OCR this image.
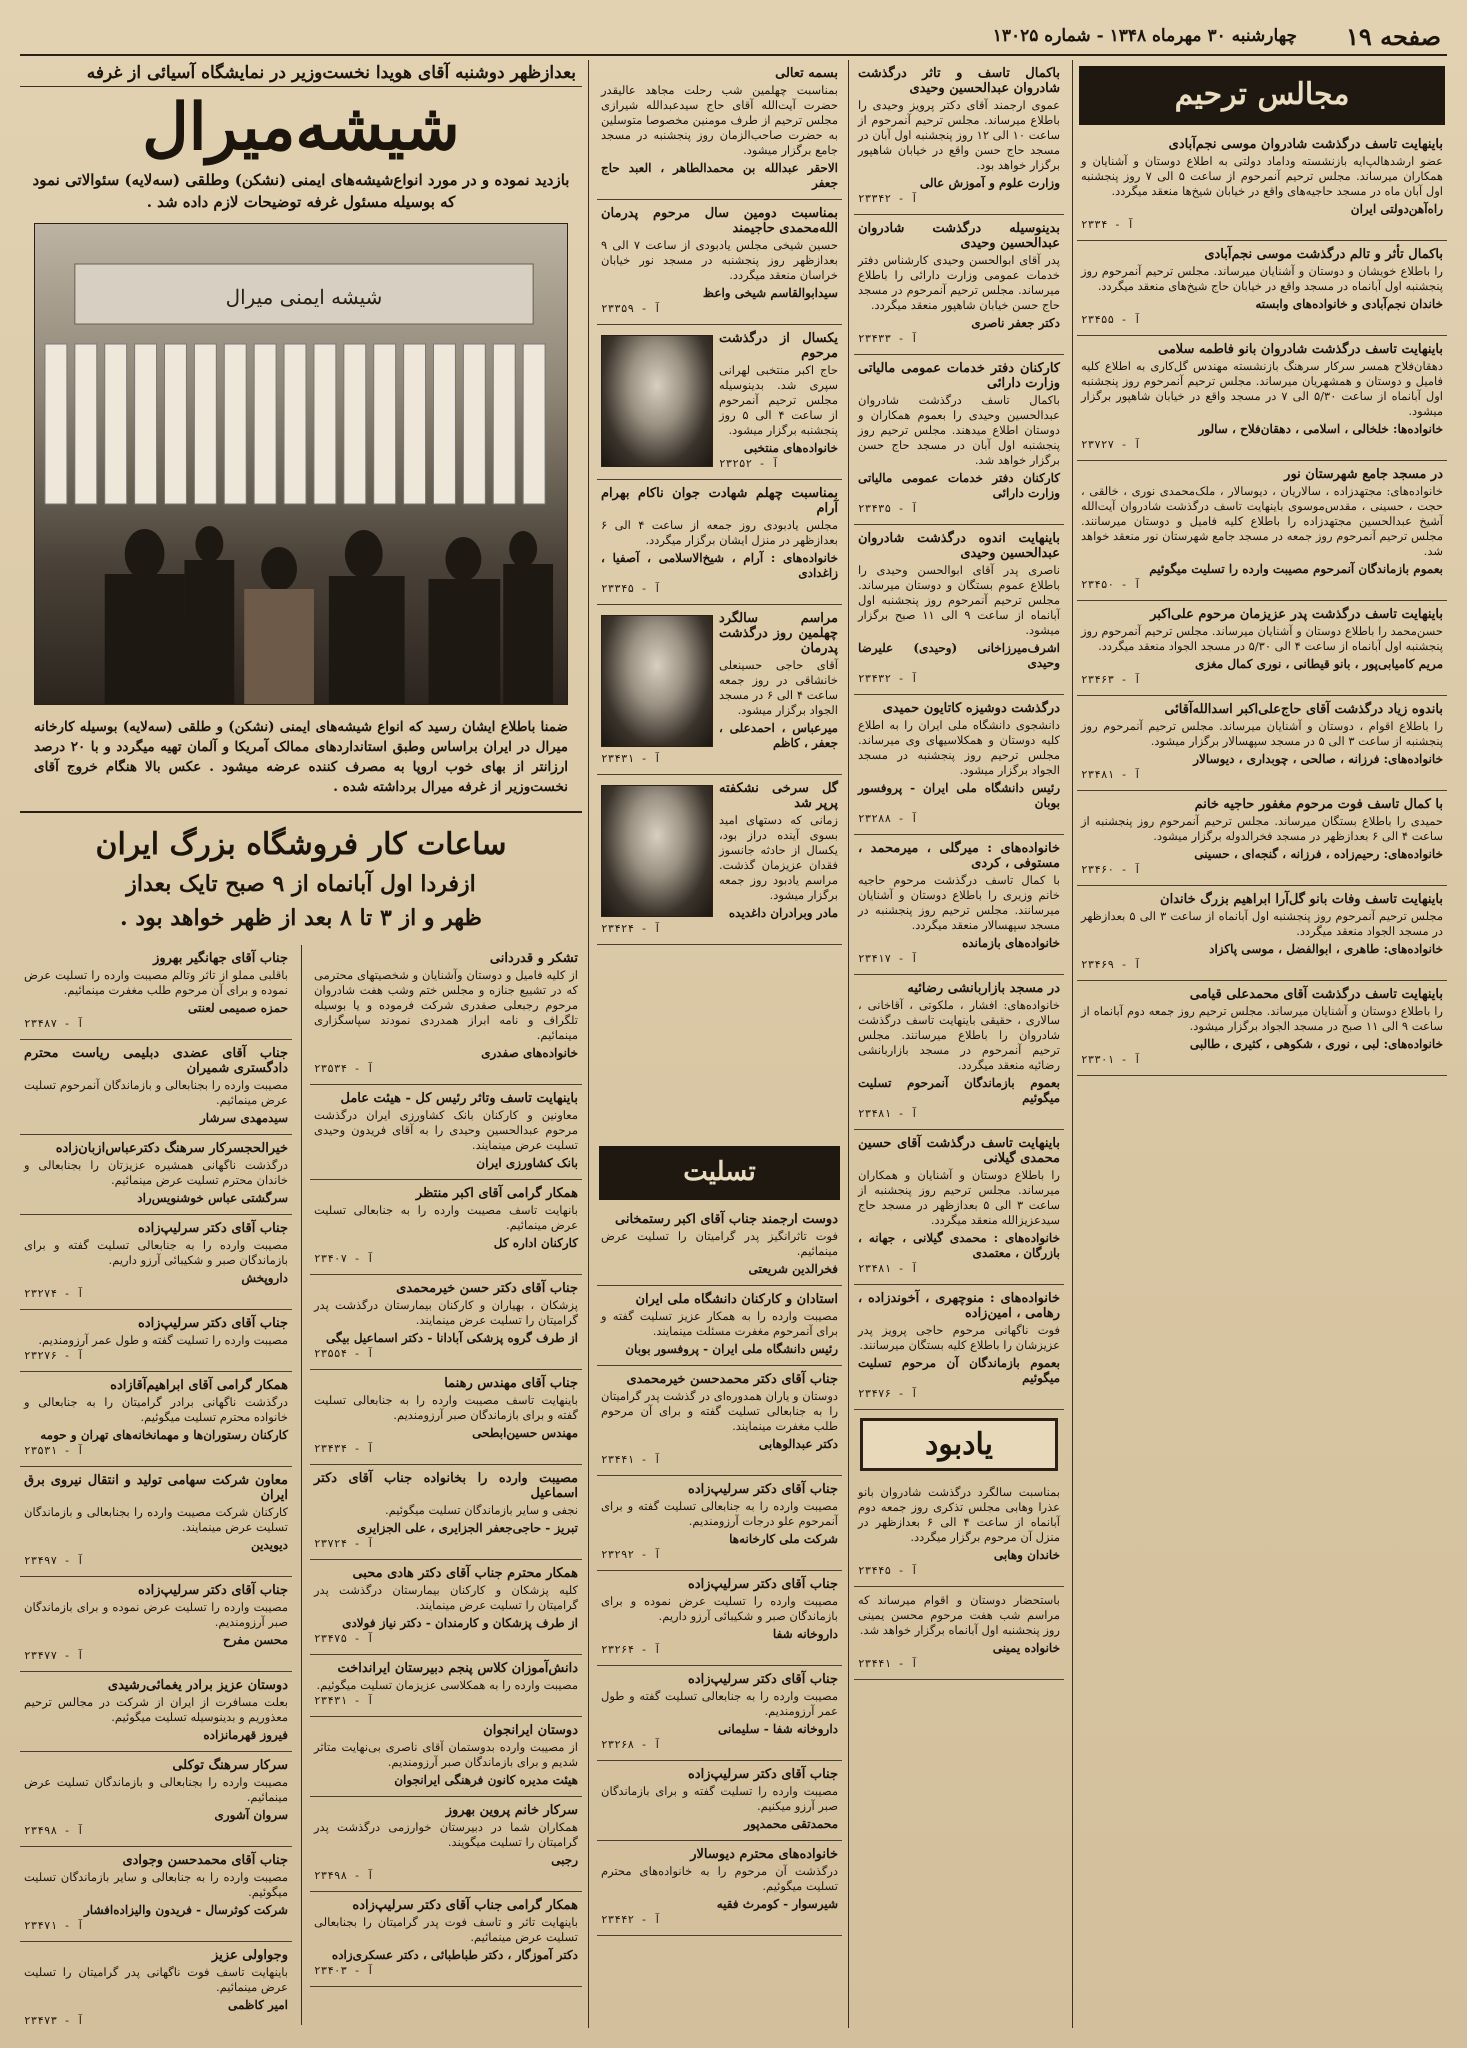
صفحه ۱۹
چهارشنبه ۳۰ مهرماه ۱۳۴۸ - شماره ۱۳۰۲۵
مجالس ترحیم
باینهایت تاسف درگذشت شادروان موسی نجم‌آبادی
عضو ارشدهالپ‌ایه بازنشسته وداماد دولتی به اطلاع دوستان و آشنایان و همکاران میرساند. مجلس ترحیم آنمرحوم از ساعت ۵ الی ۷ روز پنجشنبه اول آبان ماه در مسجد حاجیه‌های واقع در خیابان شیخ‌ها منعقد میگردد.
راه‌آهن‌دولتی ایران
۲۳۳۴ - آ
باکمال تأثر و تالم درگذشت موسی نجم‌آبادی
را باطلاع خویشان و دوستان و آشنایان میرساند. مجلس ترحیم آنمرحوم روز پنجشنبه اول آبانماه در مسجد واقع در خیابان حاج شیخ‌های منعقد میگردد.
خاندان نجم‌آبادی و خانواده‌های وابسته
۲۳۴۵۵ - آ
باینهایت تاسف درگذشت شادروان بانو فاطمه سلامی
دهقان‌فلاح همسر سرکار سرهنگ بازنشسته مهندس گل‌کاری به اطلاع کلیه فامیل و دوستان و همشهریان میرساند. مجلس ترحیم آنمرحوم روز پنجشنبه اول آبانماه از ساعت ۵/۳۰ الی ۷ در مسجد واقع در خیابان شاهپور برگزار میشود.
خانواده‌ها: خلخالی ، اسلامی ، دهقان‌فلاح ، سالور
۲۳۷۲۷ - آ
در مسجد جامع شهرستان نور
خانواده‌های: مجتهدزاده ، سالاریان ، دیوسالار ، ملک‌محمدی نوری ، خالقی ، حجت ، حسینی ، مقدس‌موسوی باینهایت تاسف درگذشت شادروان آیت‌الله آشیخ عبدالحسین مجتهدزاده را باطلاع کلیه فامیل و دوستان میرسانند. مجلس ترحیم آنمرحوم روز جمعه در مسجد جامع شهرستان نور منعقد خواهد شد.
بعموم بازماندگان آنمرحوم مصیبت وارده را تسلیت میگوئیم
۲۳۴۵۰ - آ
باینهایت تاسف درگذشت پدر عزیزمان مرحوم علی‌اکبر
حسن‌محمد را باطلاع دوستان و آشنایان میرساند. مجلس ترحیم آنمرحوم روز پنجشنبه اول آبانماه از ساعت ۴ الی ۵/۳۰ در مسجد الجواد منعقد میگردد.
مریم کامیابی‌پور ، بانو قیطانی ، نوری کمال مغزی
۲۳۴۶۳ - آ
باندوه زیاد درگذشت آقای حاج‌علی‌اکبر اسدالله‌آقائی
را باطلاع اقوام ، دوستان و آشنایان میرساند. مجلس ترحیم آنمرحوم روز پنجشنبه از ساعت ۳ الی ۵ در مسجد سپهسالار برگزار میشود.
خانواده‌های: فرزانه ، صالحی ، چوبداری ، دیوسالار
۲۳۴۸۱ - آ
با کمال تاسف فوت مرحوم مغفور حاجیه خانم
حمیدی را باطلاع بستگان میرساند. مجلس ترحیم آنمرحوم روز پنجشنبه از ساعت ۴ الی ۶ بعدازظهر در مسجد فخرالدوله برگزار میشود.
خانواده‌های: رحیم‌زاده ، فرزانه ، گنجه‌ای ، حسینی
۲۳۴۶۰ - آ
باینهایت تاسف وفات بانو گل‌آرا ابراهیم بزرگ خاندان
مجلس ترحیم آنمرحوم روز پنجشنبه اول آبانماه از ساعت ۳ الی ۵ بعدازظهر در مسجد الجواد منعقد میگردد.
خانواده‌های: طاهری ، ابوالفضل ، موسی پاکزاد
۲۳۴۶۹ - آ
باینهایت تاسف درگذشت آقای محمدعلی قیامی
را باطلاع دوستان و آشنایان میرساند. مجلس ترحیم روز جمعه دوم آبانماه از ساعت ۹ الی ۱۱ صبح در مسجد الجواد برگزار میشود.
خانواده‌های: لبی ، نوری ، شکوهی ، کثیری ، طالبی
۲۳۳۰۱ - آ
باکمال تاسف و تاثر درگذشت شادروان عبدالحسین وحیدی
عموی ارجمند آقای دکتر پرویز وحیدی را باطلاع میرساند. مجلس ترحیم آنمرحوم از ساعت ۱۰ الی ۱۲ روز پنجشنبه اول آبان در مسجد حاج حسن واقع در خیابان شاهپور برگزار خواهد بود.
وزارت علوم و آموزش عالی
۲۳۳۴۲ - آ
بدینوسیله درگذشت شادروان عبدالحسین وحیدی
پدر آقای ابوالحسن وحیدی کارشناس دفتر خدمات عمومی وزارت دارائی را باطلاع میرساند. مجلس ترحیم آنمرحوم در مسجد حاج حسن خیابان شاهپور منعقد میگردد.
دکتر جعفر ناصری
۲۳۴۳۳ - آ
کارکنان دفتر خدمات عمومی مالیاتی وزارت دارائی
باکمال تاسف درگذشت شادروان عبدالحسین وحیدی را بعموم همکاران و دوستان اطلاع میدهند. مجلس ترحیم روز پنجشنبه اول آبان در مسجد حاج حسن برگزار خواهد شد.
کارکنان دفتر خدمات عمومی مالیاتی وزارت دارائی
۲۳۴۳۵ - آ
باینهایت اندوه درگذشت شادروان عبدالحسین وحیدی
ناصری پدر آقای ابوالحسن وحیدی را باطلاع عموم بستگان و دوستان میرساند. مجلس ترحیم آنمرحوم روز پنجشنبه اول آبانماه از ساعت ۹ الی ۱۱ صبح برگزار میشود.
اشرف‌میرزاخانی (وحیدی) علیرضا وحیدی
۲۳۴۳۲ - آ
درگذشت دوشیزه کاتایون حمیدی
دانشجوی دانشگاه ملی ایران را به اطلاع کلیه دوستان و همکلاسیهای وی میرساند. مجلس ترحیم روز پنجشنبه در مسجد الجواد برگزار میشود.
رئیس دانشگاه ملی ایران - پروفسور بوبان
۲۳۲۸۸ - آ
خانواده‌های : میرگلی ، میرمحمد ، مستوفی ، کردی
با کمال تاسف درگذشت مرحوم حاجیه خانم وزیری را باطلاع دوستان و آشنایان میرسانند. مجلس ترحیم روز پنجشنبه در مسجد سپهسالار منعقد میگردد.
خانواده‌های بازمانده
۲۳۴۱۷ - آ
در مسجد بازاربانشی رضائیه
خانواده‌های: افشار ، ملکوتی ، آقاخانی ، سالاری ، حقیقی باینهایت تاسف درگذشت شادروان را باطلاع میرسانند. مجلس ترحیم آنمرحوم در مسجد بازاربانشی رضائیه منعقد میگردد.
بعموم بازماندگان آنمرحوم تسلیت میگوئیم
۲۳۴۸۱ - آ
باینهایت تاسف درگذشت آقای حسین محمدی گیلانی
را باطلاع دوستان و آشنایان و همکاران میرساند. مجلس ترحیم روز پنجشنبه از ساعت ۳ الی ۵ بعدازظهر در مسجد حاج سیدعزیزالله منعقد میگردد.
خانواده‌های : محمدی گیلانی ، جهانه ، بازرگان ، معتمدی
۲۳۴۸۱ - آ
خانواده‌های : منوچهری ، آخوندزاده ، رهامی ، امین‌زاده
فوت ناگهانی مرحوم حاجی پرویز پدر عزیزشان را باطلاع کلیه بستگان میرسانند.
بعموم بازماندگان آن مرحوم تسلیت میگوئیم
۲۳۴۷۶ - آ
یادبود
بمناسبت سالگرد درگذشت شادروان بانو عذرا وهابی مجلس تذکری روز جمعه دوم آبانماه از ساعت ۴ الی ۶ بعدازظهر در منزل آن مرحوم برگزار میگردد.
خاندان وهابی
۲۳۴۴۵ - آ
باستحضار دوستان و اقوام میرساند که مراسم شب هفت مرحوم محسن یمینی روز پنجشنبه اول آبانماه برگزار خواهد شد.
خانواده یمینی
۲۳۴۴۱ - آ
بسمه تعالی
بمناسبت چهلمین شب رحلت مجاهد عالیقدر حضرت آیت‌الله آقای حاج سیدعبدالله شیرازی مجلس ترحیم از طرف مومنین مخصوصا متوسلین به حضرت صاحب‌الزمان روز پنجشنبه در مسجد جامع برگزار میشود.
الاحقر عبدالله بن محمدالطاهر ، العبد حاج جعفر
بمناسبت دومین سال مرحوم پدرمان الله‌محمدی حاجیمند
حسین شیخی مجلس یادبودی از ساعت ۷ الی ۹ بعدازظهر روز پنجشنبه در مسجد نور خیابان خراسان منعقد میگردد.
سیدابوالقاسم شیخی واعظ
۲۳۳۵۹ - آ
یکسال از درگذشت مرحوم
حاج اکبر منتخبی لهرانی سپری شد. بدینوسیله مجلس ترحیم آنمرحوم از ساعت ۴ الی ۵ روز پنجشنبه برگزار میشود.
خانواده‌های منتخبی
۲۳۲۵۲ - آ
بمناسبت چهلم شهادت جوان ناکام بهرام آرام
مجلس یادبودی روز جمعه از ساعت ۴ الی ۶ بعدازظهر در منزل ایشان برگزار میگردد.
خانواده‌های : آرام ، شیخ‌الاسلامی ، آصفیا ، زاغدادی
۲۳۳۴۵ - آ
مراسم سالگرد چهلمین روز درگذشت پدرمان
آقای حاجی حسینعلی خانشاقی در روز جمعه ساعت ۴ الی ۶ در مسجد الجواد برگزار میشود.
میرعباس ، احمدعلی ، جعفر ، کاظم
۲۳۴۳۱ - آ
گل سرخی نشکفته پرپر شد
زمانی که دستهای امید بسوی آینده دراز بود، یکسال از حادثه جانسوز فقدان عزیزمان گذشت. مراسم یادبود روز جمعه برگزار میشود.
مادر وبرادران داغدیده
۲۳۴۲۴ - آ
تسلیت
دوست ارجمند جناب آقای اکبر رستمخانی
فوت تاثرانگیز پدر گرامیتان را تسلیت عرض مینمائیم.
فخرالدین شریعتی
استادان و کارکنان دانشگاه ملی ایران
مصیبت وارده را به همکار عزیز تسلیت گفته و برای آنمرحوم مغفرت مسئلت مینمایند.
رئیس دانشگاه ملی ایران - پروفسور بوبان
جناب آقای دکتر محمدحسن خیرمحمدی
دوستان و یاران همدوره‌ای در گذشت پدر گرامیتان را به جنابعالی تسلیت گفته و برای آن مرحوم طلب مغفرت مینمایند.
دکتر عبدالوهابی
۲۳۴۴۱ - آ
جناب آقای دکتر سرلیپ‌زاده
مصیبت وارده را به جنابعالی تسلیت گفته و برای آنمرحوم علو درجات آرزومندیم.
شرکت ملی کارخانه‌ها
۲۳۲۹۲ - آ
جناب آقای دکتر سرلیپ‌زاده
مصیبت وارده را تسلیت عرض نموده و برای بازماندگان صبر و شکیبائی آرزو داریم.
داروخانه شفا
۲۳۲۶۴ - آ
جناب آقای دکتر سرلیپ‌زاده
مصیبت وارده را به جنابعالی تسلیت گفته و طول عمر آرزومندیم.
داروخانه شفا - سلیمانی
۲۳۲۶۸ - آ
جناب آقای دکتر سرلیپ‌زاده
مصیبت وارده را تسلیت گفته و برای بازماندگان صبر آرزو میکنیم.
محمدتقی محمدپور
خانواده‌های محترم دیوسالار
درگذشت آن مرحوم را به خانواده‌های محترم تسلیت میگوئیم.
شیرسوار - کومرث فقیه
۲۳۴۴۲ - آ
بعدازظهر دوشنبه آقای هویدا نخست‌وزیر در نمایشگاه آسیائی از غرفه
شیشه‌میرال
بازدید نموده و در مورد انواع‌شیشه‌های ایمنی (نشکن) وطلقی (سه‌لایه) سئوالاتی نمود که بوسیله مسئول غرفه توضیحات لازم داده شد .
شیشه ایمنی میرال
ضمنا باطلاع ایشان رسید که انواع شیشه‌های ایمنی (نشکن) و طلقی (سه‌لایه) بوسیله کارخانه میرال در ایران براساس وطبق استانداردهای ممالک آمریکا و آلمان تهیه میگردد و با ۲۰ درصد ارزانتر از بهای خوب اروپا به مصرف کننده عرضه میشود . عکس بالا هنگام خروج آقای نخست‌وزیر از غرفه میرال برداشته شده .
ساعات کار فروشگاه بزرگ ایران
ازفردا اول آبانماه از ۹ صبح تایک بعداز
ظهر و از ۳ تا ۸ بعد از ظهر خواهد بود .
تشکر و قدردانی
از کلیه فامیل و دوستان وآشنایان و شخصیتهای محترمی که در تشییع جنازه و مجلس ختم وشب هفت شادروان مرحوم رجبعلی صفدری شرکت فرموده و یا بوسیله تلگراف و نامه ابراز همدردی نمودند سپاسگزاری مینمائیم.
خانواده‌های صفدری
۲۳۵۳۴ - آ
باینهایت تاسف وتاثر رئیس کل - هیئت عامل
معاونین و کارکنان بانک کشاورزی ایران درگذشت مرحوم عبدالحسین وحیدی را به آقای فریدون وحیدی تسلیت عرض مینمایند.
بانک کشاورزی ایران
همکار گرامی آقای اکبر منتظر
بانهایت تاسف مصیبت وارده را به جنابعالی تسلیت عرض مینمائیم.
کارکنان اداره کل
۲۳۴۰۷ - آ
جناب آقای دکتر حسن خیرمحمدی
پزشکان ، بهیاران و کارکنان بیمارستان درگذشت پدر گرامیتان را تسلیت عرض مینمایند.
از طرف گروه پزشکی آبادانا - دکتر اسماعیل بیگی
۲۳۵۵۴ - آ
جناب آقای مهندس رهنما
باینهایت تاسف مصیبت وارده را به جنابعالی تسلیت گفته و برای بازماندگان صبر آرزومندیم.
مهندس حسین‌ابطحی
۲۳۴۳۴ - آ
مصیبت وارده را بخانواده جناب آقای دکتر اسماعیل
نجفی و سایر بازماندگان تسلیت میگوئیم.
تبریز - حاجی‌جعفر الجزایری ، علی الجزایری
۲۳۷۲۴ - آ
همکار محترم جناب آقای دکتر هادی محبی
کلیه پزشکان و کارکنان بیمارستان درگذشت پدر گرامیتان را تسلیت عرض مینمایند.
از طرف پزشکان و کارمندان - دکتر نیاز فولادی
۲۳۴۷۵ - آ
دانش‌آموزان کلاس پنجم دبیرستان ایرانداخت
مصیبت وارده را به همکلاسی عزیزمان تسلیت میگوئیم.
۲۳۴۳۱ - آ
دوستان ایرانجوان
از مصیبت وارده بدوستمان آقای ناصری بی‌نهایت متاثر شدیم و برای بازماندگان صبر آرزومندیم.
هیئت مدیره کانون فرهنگی ایرانجوان
سرکار خانم پروین بهروز
همکاران شما در دبیرستان خوارزمی درگذشت پدر گرامیتان را تسلیت میگویند.
رجبی
۲۳۴۹۸ - آ
همکار گرامی جناب آقای دکتر سرلیپ‌زاده
باینهایت تاثر و تاسف فوت پدر گرامیتان را بجنابعالی تسلیت عرض مینمائیم.
دکتر آموزگار ، دکتر طباطبائی ، دکتر عسکری‌زاده
۲۳۴۰۳ - آ
جناب آقای جهانگیر بهروز
باقلبی مملو از تاثر وتالم مصیبت وارده را تسلیت عرض نموده و برای آن مرحوم طلب مغفرت مینمائیم.
حمزه صمیمی لعنتی
۲۳۴۸۷ - آ
جناب آقای عضدی دبلیمی ریاست محترم دادگستری شمیران
مصیبت وارده را بجنابعالی و بازماندگان آنمرحوم تسلیت عرض مینمائیم.
سیدمهدی سرشار
خیرالحجسرکار سرهنگ دکترعباس‌ازبان‌زاده
درگذشت ناگهانی همشیره عزیزتان را بجنابعالی و خاندان محترم تسلیت عرض مینمائیم.
سرگشتی عباس خوشنویس‌راد
جناب آقای دکتر سرلیپ‌زاده
مصیبت وارده را به جنابعالی تسلیت گفته و برای بازماندگان صبر و شکیبائی آرزو داریم.
داروپخش
۲۳۲۷۴ - آ
جناب آقای دکتر سرلیپ‌زاده
مصیبت وارده را تسلیت گفته و طول عمر آرزومندیم.
۲۳۲۷۶ - آ
همکار گرامی آقای ابراهیم‌آقازاده
درگذشت ناگهانی برادر گرامیتان را به جنابعالی و خانواده محترم تسلیت میگوئیم.
کارکنان رستوران‌ها و مهمانخانه‌های تهران و حومه
۲۳۵۳۱ - آ
معاون شرکت سهامی تولید و انتقال نیروی برق ایران
کارکنان شرکت مصیبت وارده را بجنابعالی و بازماندگان تسلیت عرض مینمایند.
دیویدین
۲۳۴۹۷ - آ
جناب آقای دکتر سرلیپ‌زاده
مصیبت وارده را تسلیت عرض نموده و برای بازماندگان صبر آرزومندیم.
محسن مفرح
۲۳۴۷۷ - آ
دوستان عزیز برادر یغمائی‌رشیدی
بعلت مسافرت از ایران از شرکت در مجالس ترحیم معذوریم و بدینوسیله تسلیت میگوئیم.
فیروز قهرمانزاده
سرکار سرهنگ توکلی
مصیبت وارده را بجنابعالی و بازماندگان تسلیت عرض مینمائیم.
سروان آشوری
۲۳۴۹۸ - آ
جناب آقای محمدحسن وجوادی
مصیبت وارده را به جنابعالی و سایر بازماندگان تسلیت میگوئیم.
شرکت کوثرسال - فریدون والیزاده‌افشار
۲۳۴۷۱ - آ
وجواولی عزیز
باینهایت تاسف فوت ناگهانی پدر گرامیتان را تسلیت عرض مینمائیم.
امیر کاظمی
۲۳۴۷۳ - آ
